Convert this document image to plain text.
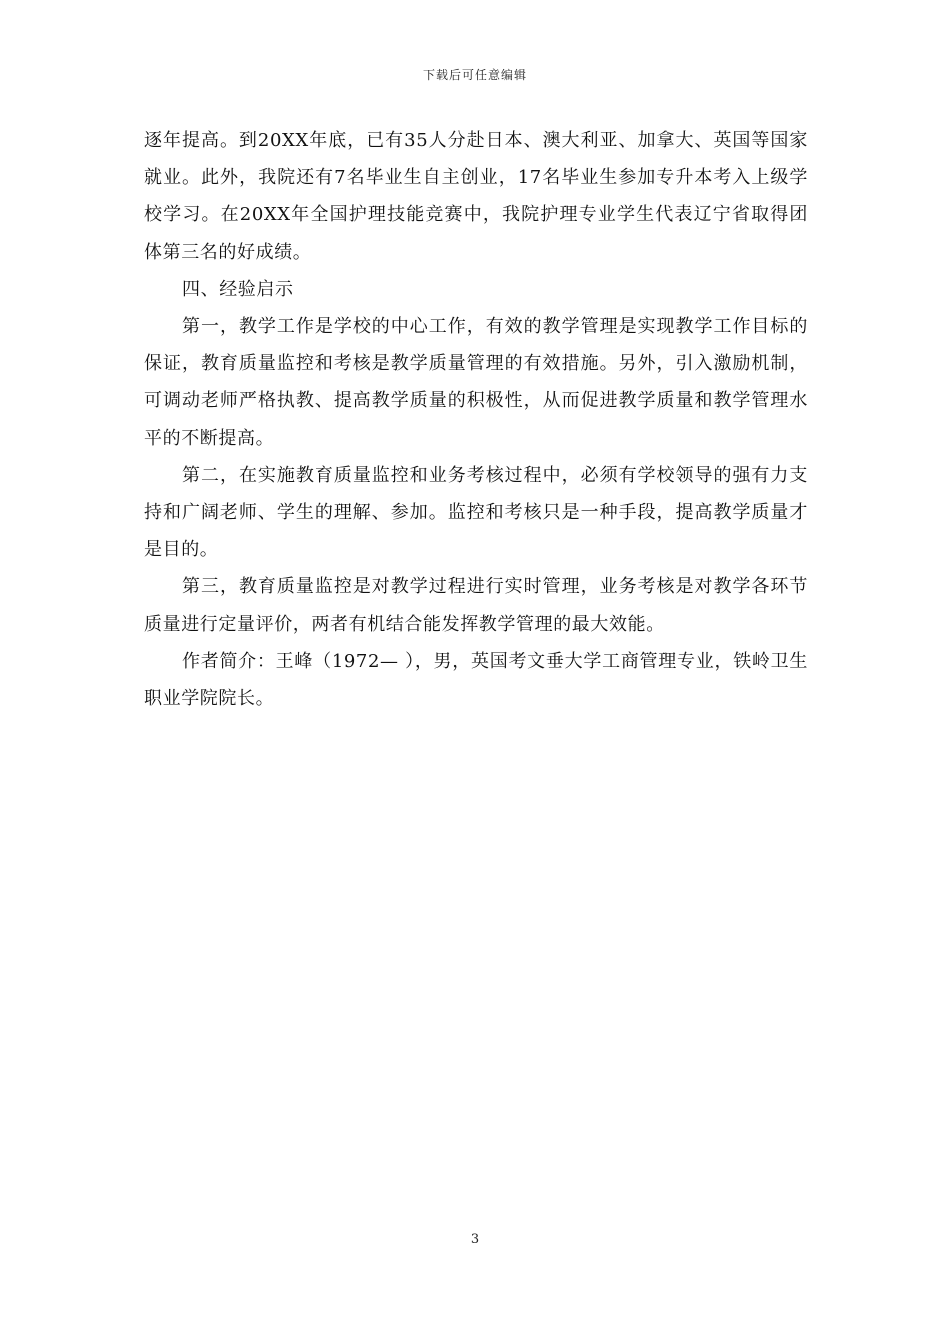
下载后可任意编辑

逐年提高。到20XX年底，已有35人分赴日本、澳大利亚、加拿大、英国等国家就业。此外，我院还有7名毕业生自主创业，17名毕业生参加专升本考入上级学校学习。在20XX年全国护理技能竞赛中，我院护理专业学生代表辽宁省取得团体第三名的好成绩。

四、经验启示

第一，教学工作是学校的中心工作，有效的教学管理是实现教学工作目标的保证，教育质量监控和考核是教学质量管理的有效措施。另外，引入激励机制，可调动老师严格执教、提高教学质量的积极性，从而促进教学质量和教学管理水平的不断提高。

第二，在实施教育质量监控和业务考核过程中，必须有学校领导的强有力支持和广阔老师、学生的理解、参加。监控和考核只是一种手段，提高教学质量才是目的。

第三，教育质量监控是对教学过程进行实时管理，业务考核是对教学各环节质量进行定量评价，两者有机结合能发挥教学管理的最大效能。

作者简介：王峰（1972— ），男，英国考文垂大学工商管理专业，铁岭卫生职业学院院长。

3
